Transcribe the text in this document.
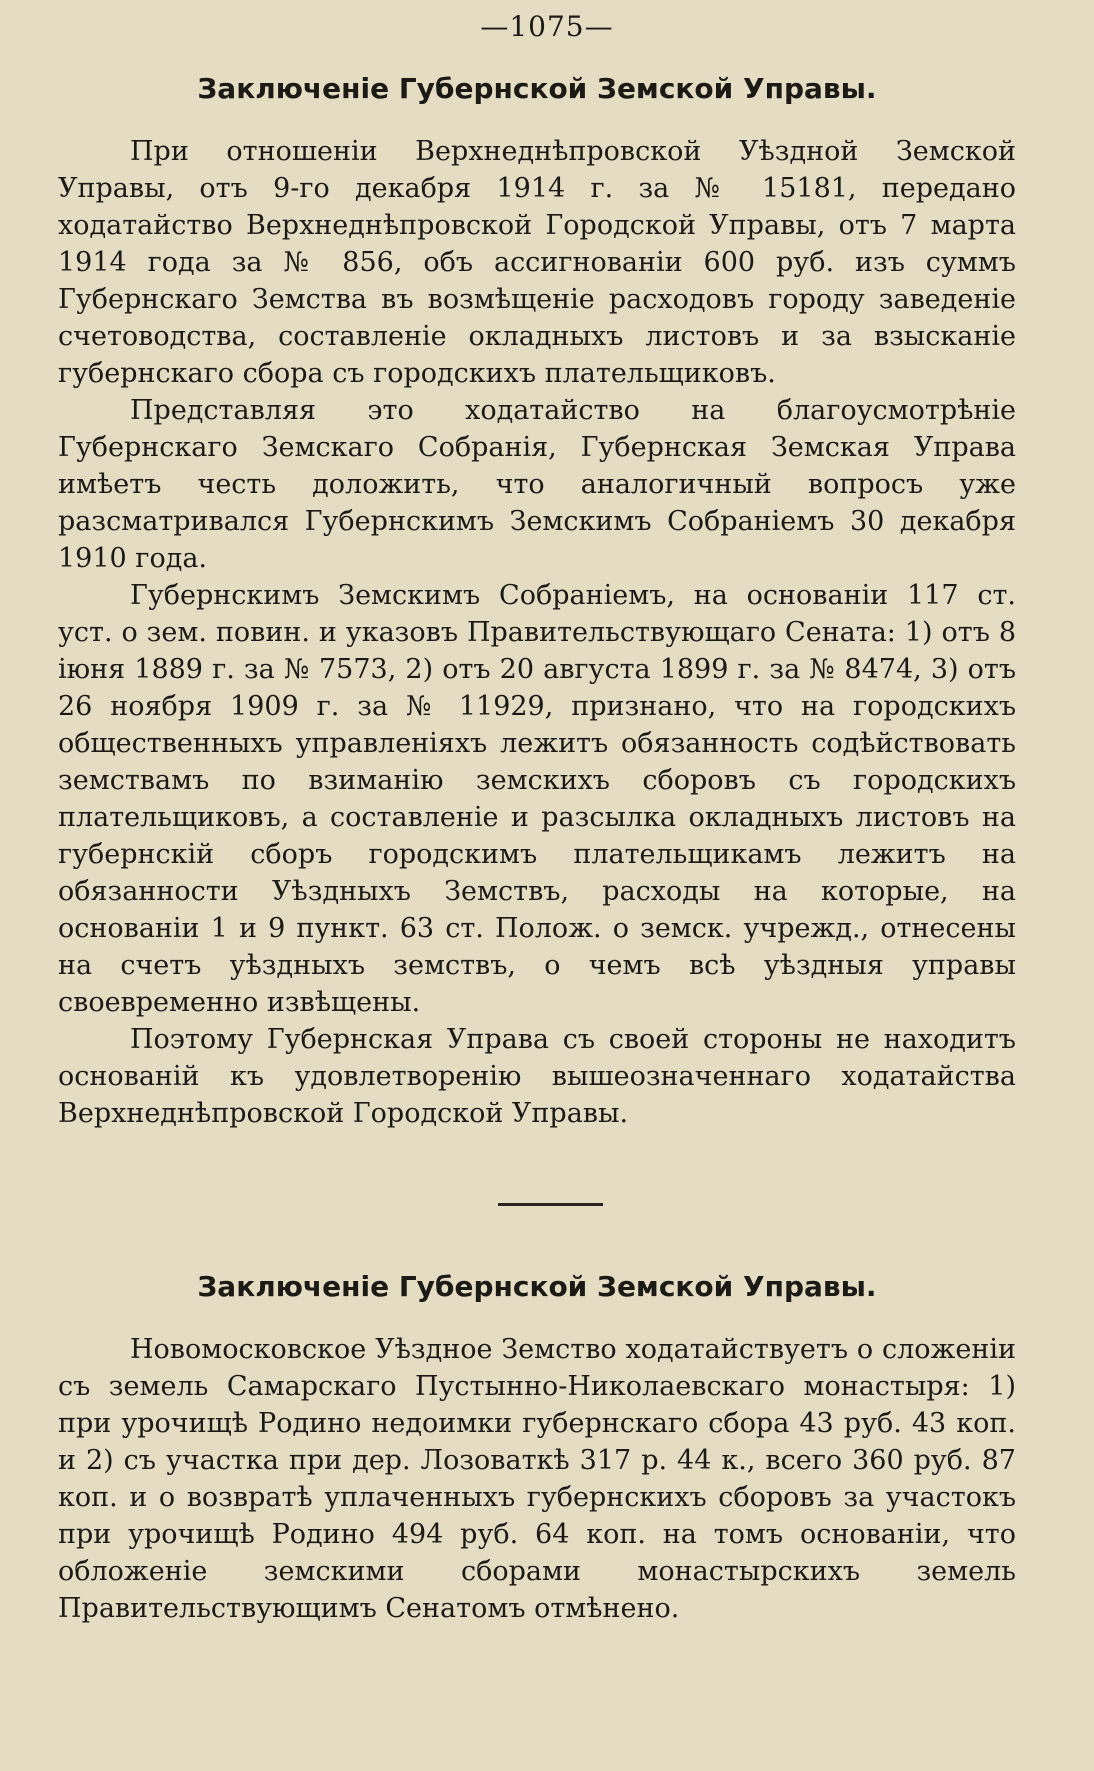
—1075—
Заключеніе Губернской Земской Управы.

При отношеніи Верхнеднѣпровской Уѣздной Земской Управы, отъ 9-го декабря 1914 г. за № 15181, передано ходатайство Верхнеднѣпровской Городской Управы, отъ 7 марта 1914 года за № 856, объ ассигнованіи 600 руб. изъ суммъ Губернскаго Земства въ возмѣщеніе расходовъ городу заведеніе счетоводства, составленіе окладныхъ листовъ и за взысканіе губернскаго сбора съ городскихъ плательщиковъ.

Представляя это ходатайство на благоусмотрѣніе Губернскаго Земскаго Собранія, Губернская Земская Управа имѣетъ честь доложить, что аналогичный вопросъ уже разсматривался Губернскимъ Земскимъ Собраніемъ 30 декабря 1910 года.

Губернскимъ Земскимъ Собраніемъ, на основаніи 117 ст. уст. о зем. повин. и указовъ Правительствующаго Сената: 1) отъ 8 іюня 1889 г. за № 7573, 2) отъ 20 августа 1899 г. за № 8474, 3) отъ 26 ноября 1909 г. за № 11929, признано, что на городскихъ общественныхъ управленіяхъ лежитъ обязанность содѣйствовать земствамъ по взиманію земскихъ сборовъ съ городскихъ плательщиковъ, а составленіе и разсылка окладныхъ листовъ на губернскій сборъ городскимъ плательщикамъ лежитъ на обязанности Уѣздныхъ Земствъ, расходы на которые, на основаніи 1 и 9 пункт. 63 ст. Полож. о земск. учрежд., отнесены на счетъ уѣздныхъ земствъ, о чемъ всѣ уѣздныя управы своевременно извѣщены.

Поэтому Губернская Управа съ своей стороны не находитъ основаній къ удовлетворенію вышеозначеннаго ходатайства Верхнеднѣпровской Городской Управы.

Заключеніе Губернской Земской Управы.

Новомосковское Уѣздное Земство ходатайствуетъ о сложеніи съ земель Самарскаго Пустынно-Николаевскаго монастыря: 1) при урочищѣ Родино недоимки губернскаго сбора 43 руб. 43 коп. и 2) съ участка при дер. Лозоваткѣ 317 р. 44 к., всего 360 руб. 87 коп. и о возвратѣ уплаченныхъ губернскихъ сборовъ за участокъ при урочищѣ Родино 494 руб. 64 коп. на томъ основаніи, что обложеніе земскими сборами монастырскихъ земель Правительствующимъ Сенатомъ отмѣнено.
